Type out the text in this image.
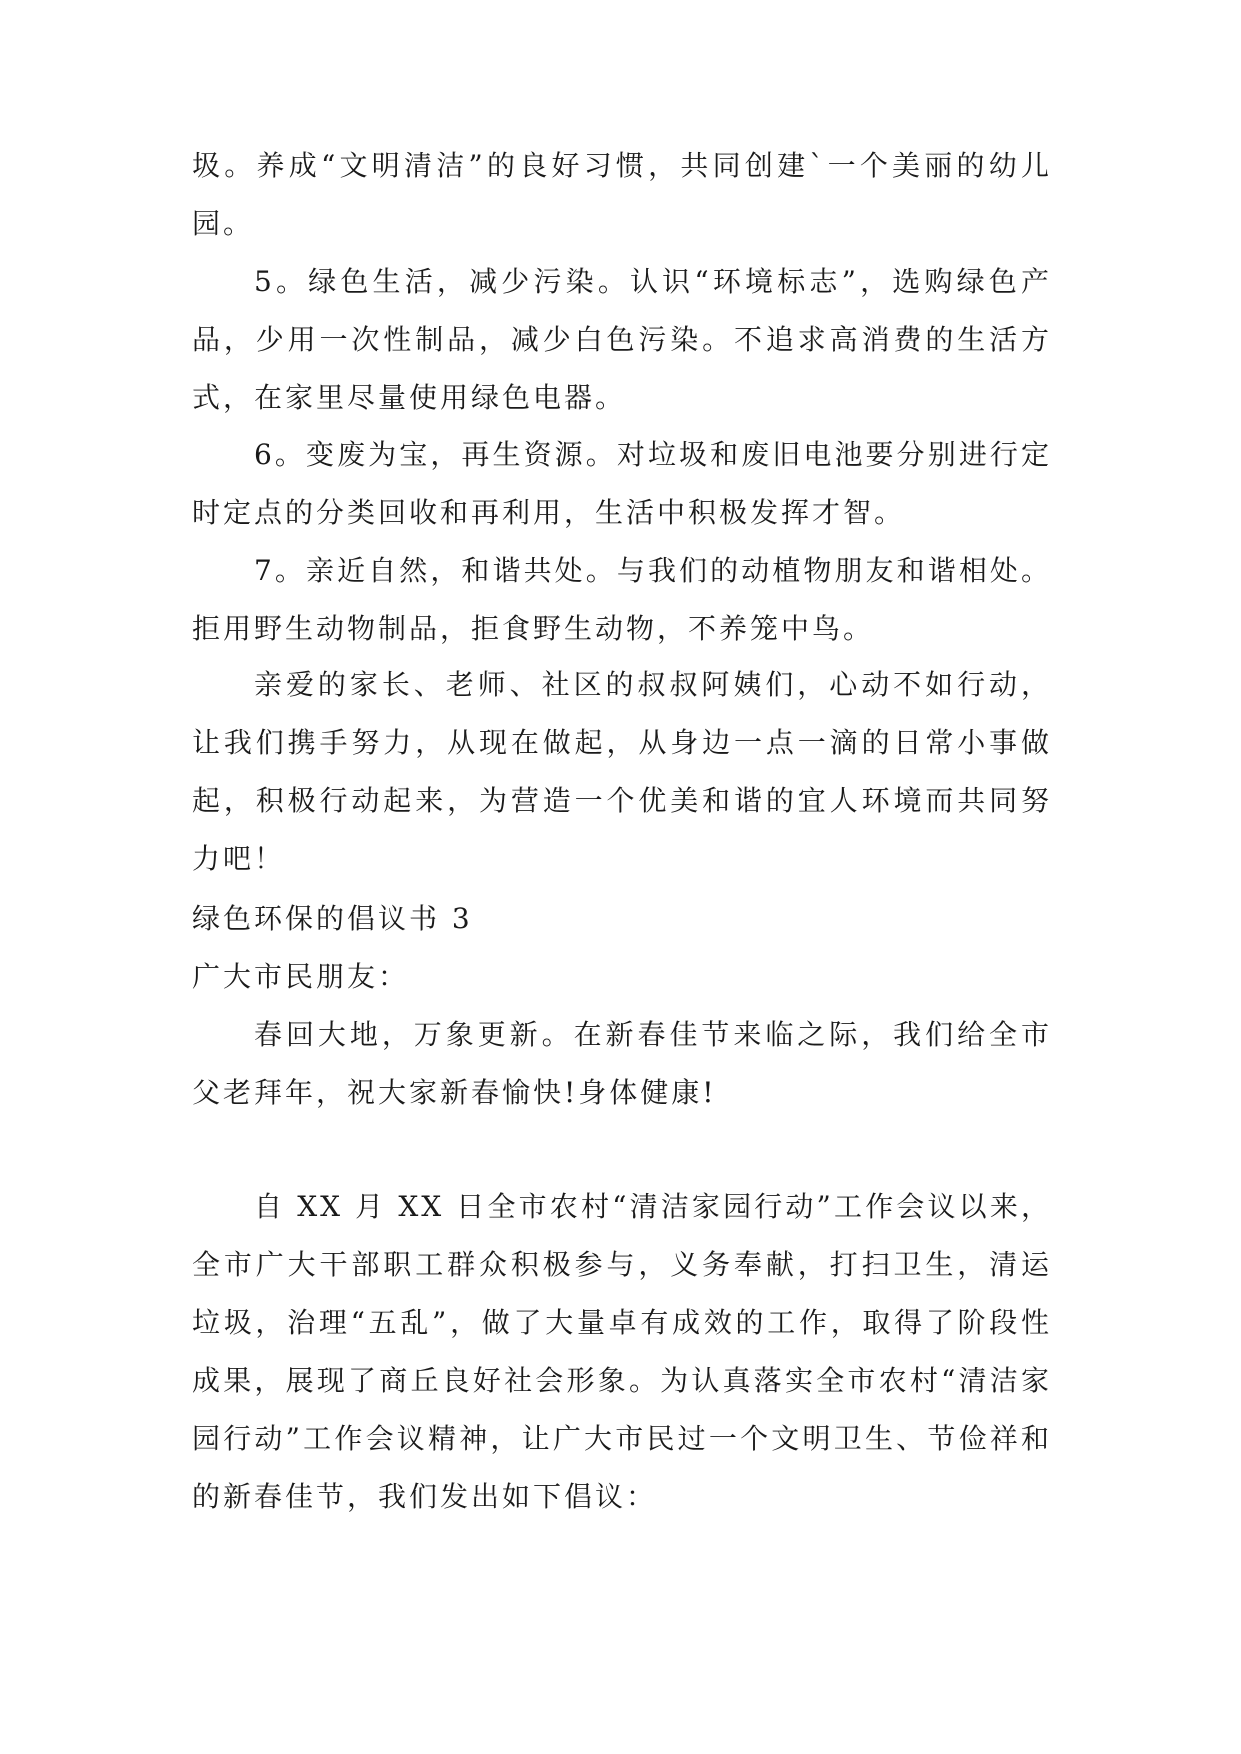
圾。养成“文明清洁”的良好习惯，共同创建`一个美丽的幼儿园。

5。绿色生活，减少污染。认识“环境标志”，选购绿色产品，少用一次性制品，减少白色污染。不追求高消费的生活方式，在家里尽量使用绿色电器。

6。变废为宝，再生资源。对垃圾和废旧电池要分别进行定时定点的分类回收和再利用，生活中积极发挥才智。

7。亲近自然，和谐共处。与我们的动植物朋友和谐相处。拒用野生动物制品，拒食野生动物，不养笼中鸟。

亲爱的家长、老师、社区的叔叔阿姨们，心动不如行动，让我们携手努力，从现在做起，从身边一点一滴的日常小事做起，积极行动起来，为营造一个优美和谐的宜人环境而共同努力吧！

绿色环保的倡议书 3

广大市民朋友：

春回大地，万象更新。在新春佳节来临之际，我们给全市父老拜年，祝大家新春愉快!身体健康!

自 XX 月 XX 日全市农村“清洁家园行动”工作会议以来，全市广大干部职工群众积极参与，义务奉献，打扫卫生，清运垃圾，治理“五乱”，做了大量卓有成效的工作，取得了阶段性成果，展现了商丘良好社会形象。为认真落实全市农村“清洁家园行动”工作会议精神，让广大市民过一个文明卫生、节俭祥和的新春佳节，我们发出如下倡议：
